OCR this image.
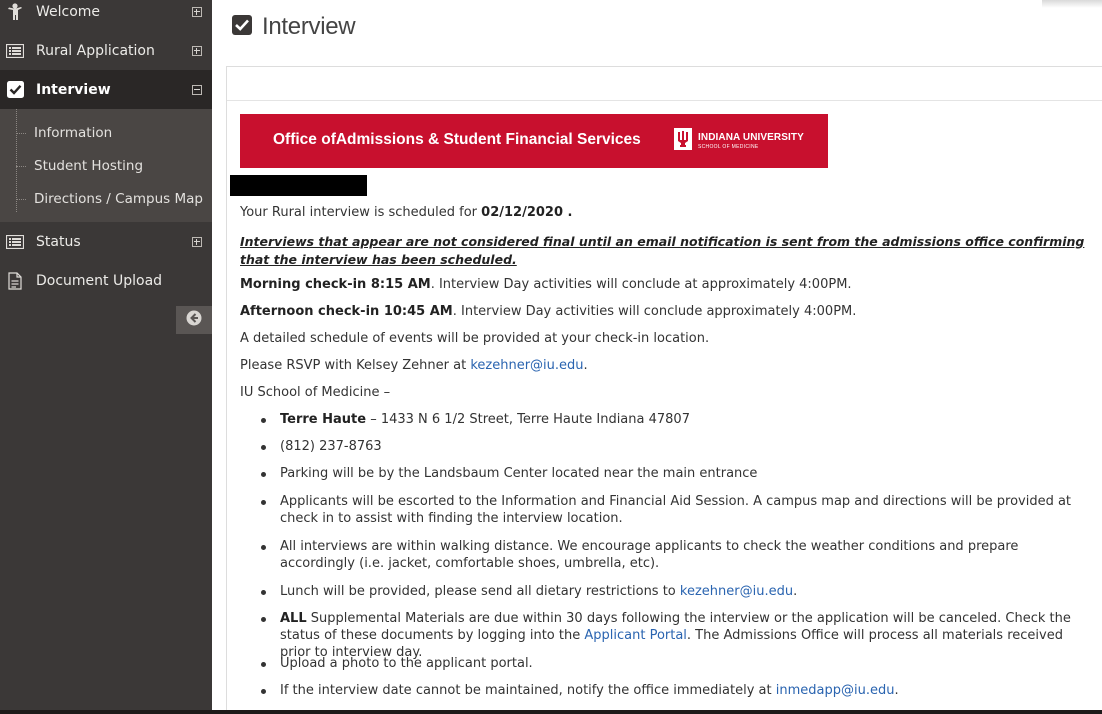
Welcome
Rural Application
Interview
Information
Student Hosting
Directions / Campus Map
Status
Document Upload
Interview
Office ofAdmissions & Student Financial Services	INDIANA UNIVERSITY
SCHOOL OF MEDICINE
Your Rural interview is scheduled for 02/12/2020 .
Interviews that appear are not considered final until an email notification is sent from the admissions office confirming that the interview has been scheduled.
Morning check-in 8:15 AM. Interview Day activities will conclude at approximately 4:00PM.
Afternoon check-in 10:45 AM. Interview Day activities will conclude approximately 4:00PM.
A detailed schedule of events will be provided at your check-in location.
Please RSVP with Kelsey Zehner at kezehner@iu.edu.
IU School of Medicine –
Terre Haute – 1433 N 6 1/2 Street, Terre Haute Indiana 47807
(812) 237-8763
Parking will be by the Landsbaum Center located near the main entrance
Applicants will be escorted to the Information and Financial Aid Session. A campus map and directions will be provided at check in to assist with finding the interview location.
All interviews are within walking distance. We encourage applicants to check the weather conditions and prepare accordingly (i.e. jacket, comfortable shoes, umbrella, etc).
Lunch will be provided, please send all dietary restrictions to kezehner@iu.edu.
ALL Supplemental Materials are due within 30 days following the interview or the application will be canceled. Check the status of these documents by logging into the Applicant Portal. The Admissions Office will process all materials received prior to interview day.
Upload a photo to the applicant portal.
If the interview date cannot be maintained, notify the office immediately at inmedapp@iu.edu.
